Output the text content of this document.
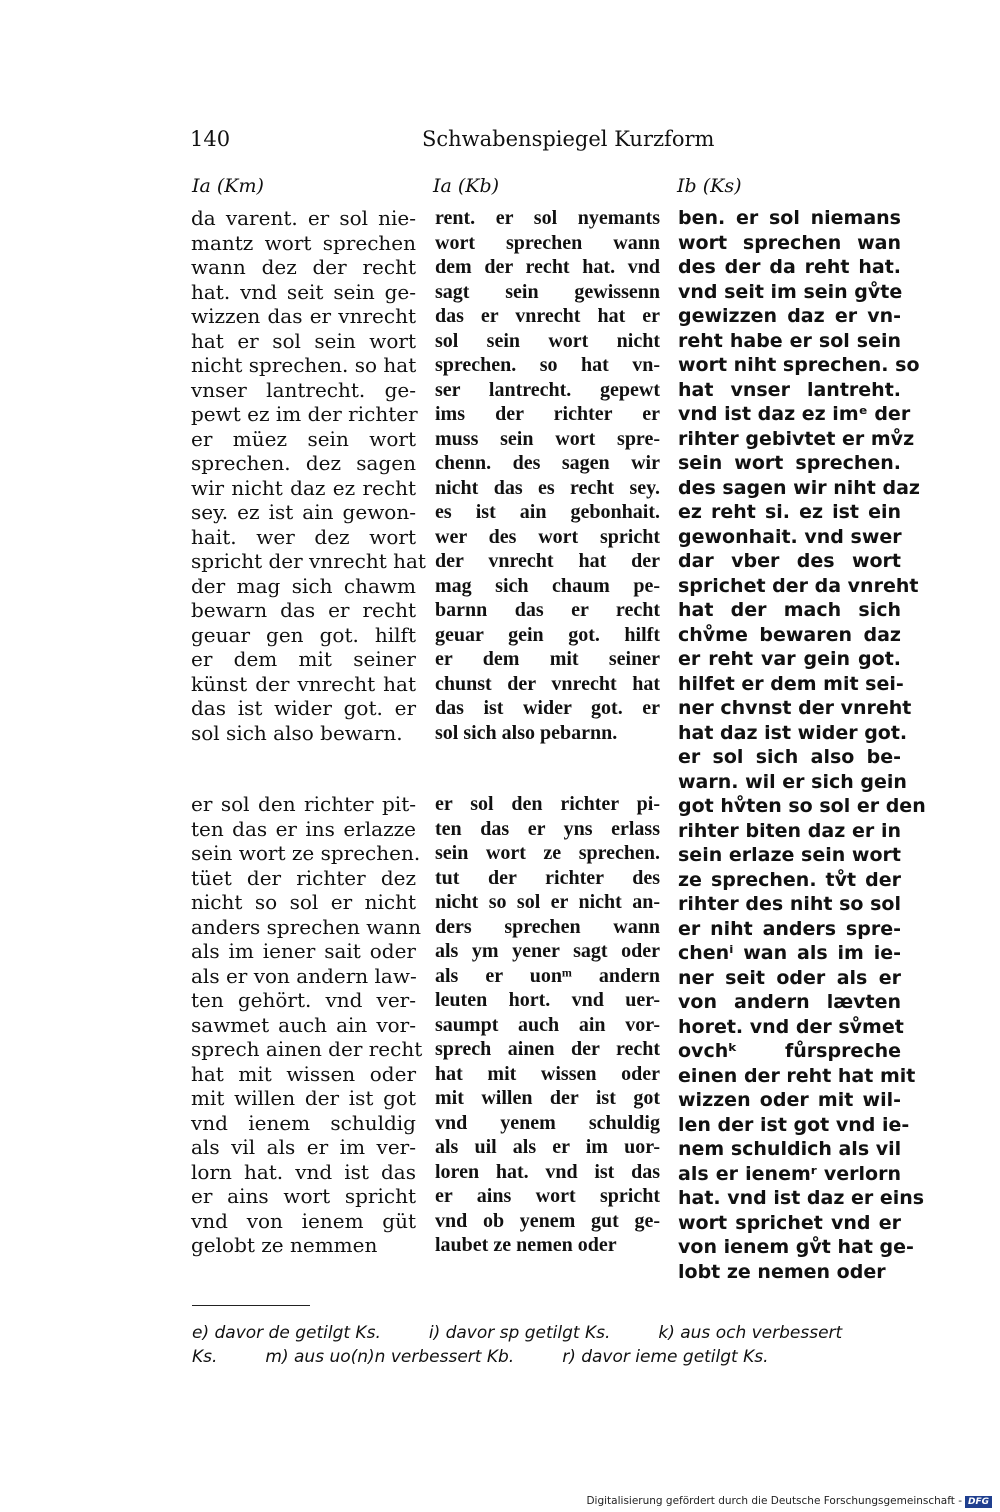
140	Schwabenspiegel Kurzform
Ia (Km)	Ia (Kb)	Ib (Ks)
da varent. er sol nie-
mantz wort sprechen
wann dez der recht
hat. vnd seit sein ge-
wizzen das er vnrecht
hat er sol sein wort
nicht sprechen. so hat
vnser lantrecht. ge-
pewt ez im der richter
er müez sein wort
sprechen. dez sagen
wir nicht daz ez recht
sey. ez ist ain gewon-
hait. wer dez wort
spricht der vnrecht hat
der mag sich chawm
bewarn das er recht
geuar gen got. hilft
er dem mit seiner
künst der vnrecht hat
das ist wider got. er
sol sich also bewarn.
er sol den richter pit-
ten das er ins erlazze
sein wort ze sprechen.
tüet der richter dez
nicht so sol er nicht
anders sprechen wann
als im iener sait oder
als er von andern law-
ten gehört. vnd ver-
sawmet auch ain vor-
sprech ainen der recht
hat mit wissen oder
mit willen der ist got
vnd ienem schuldig
als vil als er im ver-
lorn hat. vnd ist das
er ains wort spricht
vnd von ienem güt
gelobt ze nemmen
rent. er sol nyemants
wort sprechen wann
dem der recht hat. vnd
sagt sein gewissenn
das er vnrecht hat er
sol sein wort nicht
sprechen. so hat vn-
ser lantrecht. gepewt
ims der richter er
muss sein wort spre-
chenn. des sagen wir
nicht das es recht sey.
es ist ain gebonhait.
wer des wort spricht
der vnrecht hat der
mag sich chaum pe-
barnn das er recht
geuar gein got. hilft
er dem mit seiner
chunst der vnrecht hat
das ist wider got. er
sol sich also pebarnn.
er sol den richter pi-
ten das er yns erlass
sein wort ze sprechen.
tut der richter des
nicht so sol er nicht an-
ders sprechen wann
als ym yener sagt oder
als er uonᵐ andern
leuten hort. vnd uer-
saumpt auch ain vor-
sprech ainen der recht
hat mit wissen oder
mit willen der ist got
vnd yenem schuldig
als uil als er im uor-
loren hat. vnd ist das
er ains wort spricht
vnd ob yenem gut ge-
laubet ze nemen oder
ben. er sol niemans
wort sprechen wan
des der da reht hat.
vnd seit im sein gv̊te
gewizzen daz er vn-
reht habe er sol sein
wort niht sprechen. so
hat vnser lantreht.
vnd ist daz ez imᵉ der
rihter gebivtet er mv̊z
sein wort sprechen.
des sagen wir niht daz
ez reht si. ez ist ein
gewonhait. vnd swer
dar vber des wort
sprichet der da vnreht
hat der mach sich
chv̊me bewaren daz
er reht var gein got.
hilfet er dem mit sei-
ner chvnst der vnreht
hat daz ist wider got.
er sol sich also be-
warn. wil er sich gein
got hv̊ten so sol er den
rihter biten daz er in
sein erlaze sein wort
ze sprechen. tv̊t der
rihter des niht so sol
er niht anders spre-
chenⁱ wan als im ie-
ner seit oder als er
von andern lævten
horet. vnd der sv̊met
ovchᵏ fůrspreche
einen der reht hat mit
wizzen oder mit wil-
len der ist got vnd ie-
nem schuldich als vil
als er ienemʳ verlorn
hat. vnd ist daz er eins
wort sprichet vnd er
von ienem gv̊t hat ge-
lobt ze nemen oder
e) davor de getilgt Ks.	i) davor sp getilgt Ks.	k) aus och verbessert
Ks.	m) aus uo(n)n verbessert Kb.	r) davor ieme getilgt Ks.
Digitalisierung gefördert durch die Deutsche Forschungsgemeinschaft - DFG
